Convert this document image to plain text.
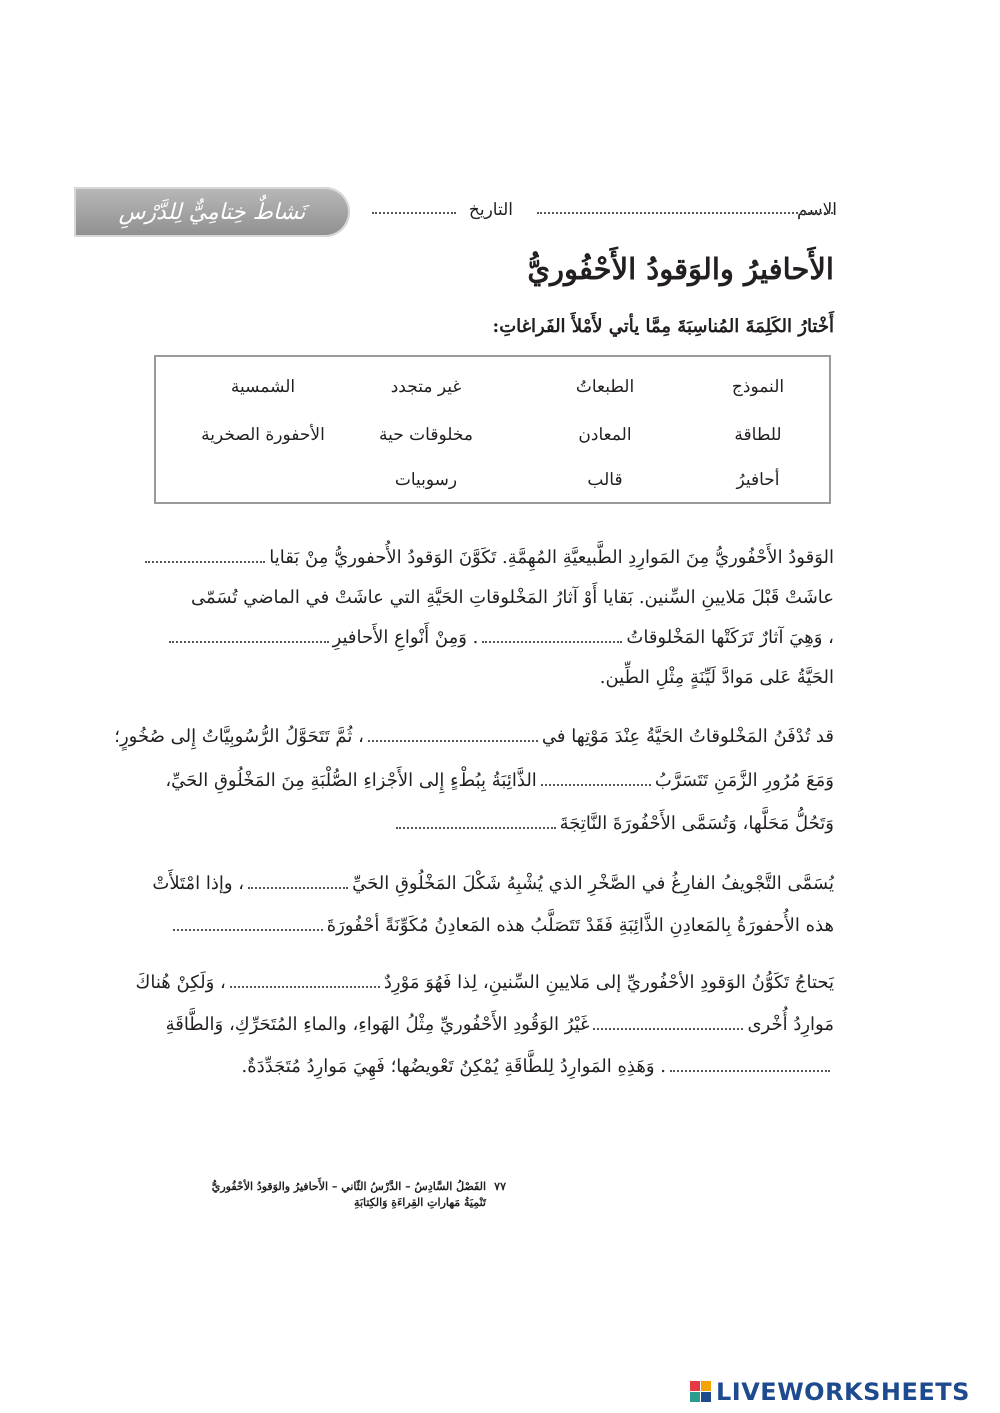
نَشاطٌ خِتامِيٌّ لِلدَّرْسِ	الاسم
التاريخ
الأَحافيرُ والوَقودُ الأَحْفُوريُّ
أَخْتارُ الكَلِمَةَ المُناسِبَةَ مِمَّا يأتي لأَمْلأَ الفَراغاتِ:
النموذج
الطبعاتُ
غير متجدد
الشمسية
للطاقة
المعادن
مخلوقات حية
الأحفورة الصخرية
أحافيرُ
قالب
رسوبيات
الوَقودُ الأَحْفُوريُّ مِنَ المَوارِدِ الطَّبيعيَّةِ المُهِمَّةِ. تَكَوَّنَ الوَقودُ الأُحفوريُّ مِنْ بَقايا
عاشَتْ قَبْلَ مَلايينِ السِّنين. بَقايا أَوْ آثارُ المَخْلوقاتِ الحَيَّةِ التي عاشَتْ في الماضي تُسَمّى
، وَهِيَ آثارٌ تَرَكَتْها المَخْلوقاتُ. وَمِنْ أَنْواعِ الأَحافيرِ
الحَيَّةُ عَلى مَوادَّ لَيِّنَةٍ مِثْلِ الطِّين.
قد تُدْفَنُ المَخْلوقاتُ الحَيَّةُ عِنْدَ مَوْتِها في، ثُمَّ تَتَحَوَّلُ الرُّسُوبِيَّاتُ إِلى صُخُورٍ؛
وَمَعَ مُرُورِ الزَّمَنِ تَتَسَرَّبُالذَّائِبَةُ بِبُطْءٍ إِلى الأَجْزاءِ الصُّلْبَةِ مِنَ المَخْلُوقِ الحَيِّ،
وَتَحُلُّ مَحَلَّها، وَتُسَمَّى الأَحْفُورَةَ النَّاتِجَةَ
يُسَمَّى التَّجْويفُ الفارِغُ في الصَّخْرِ الذي يُشْبِهُ شَكْلَ المَخْلُوقِ الحَيِّ، وإذا امْتَلأَتْ
هذه الأُحفورَةُ بِالمَعادِنِ الذَّائِبَةِ فَقَدْ تَتَصَلَّبُ هذه المَعادِنُ مُكَوِّنَةً أحْفُورَةَ
يَحتاجُ تَكَوُّنُ الوَقودِ الأحْفُوريِّ إلى مَلايينِ السِّنينِ، لِذا فَهُوَ مَوْرِدٌ، وَلَكِنْ هُناكَ
مَوارِدُ أُخْرىغَيْرُ الوَقُودِ الأَحْفُوريِّ مِثْلُ الهَواءِ، والماءِ المُتَحَرِّكِ، وَالطَّاقَةِ
. وَهَذِهِ المَوارِدُ لِلطَّاقَةِ يُمْكِنُ تَعْويضُها؛ فَهِيَ مَوارِدُ مُتَجَدِّدَةٌ.
٧٧
الفَصْلُ السَّادِسُ – الدَّرْسُ الثّاني – الأَحافيرُ والوَقودُ الأحْفُوريُّ
تَنْمِيَةُ مَهاراتِ القِراءَةِ وَالكِتابَةِ
LIVEWORKSHEETS
